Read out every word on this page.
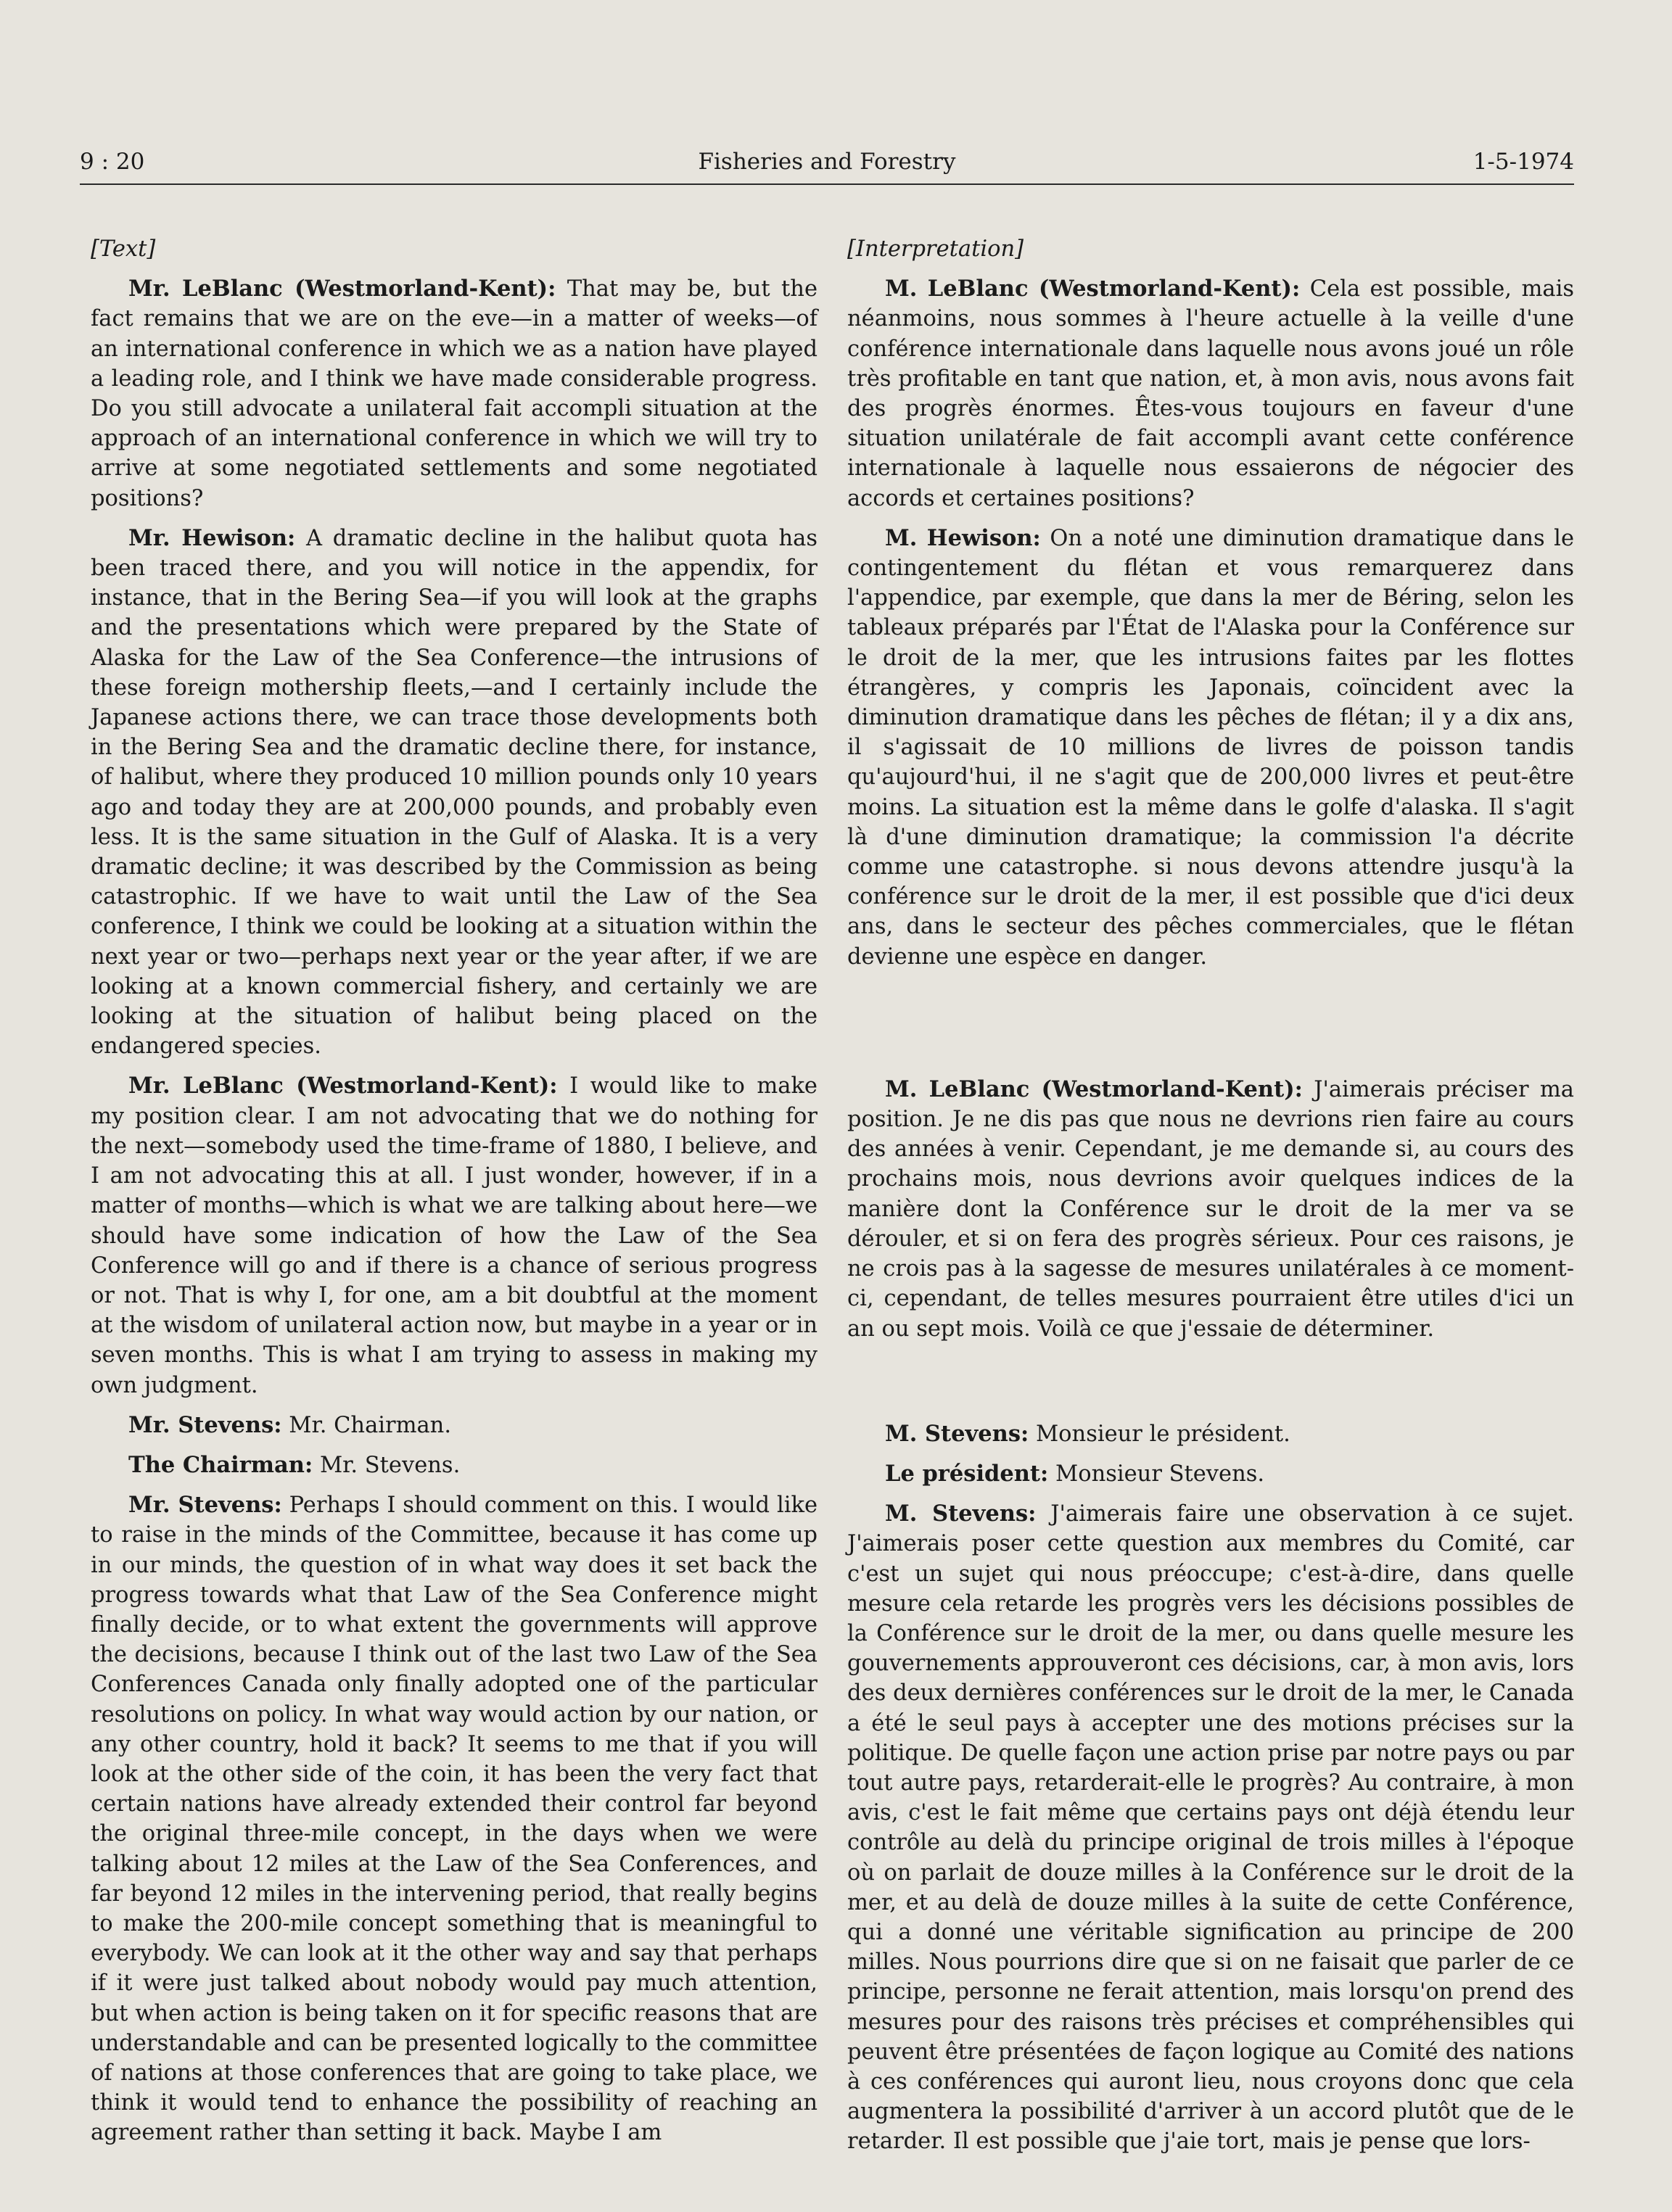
9 : 20	Fisheries and Forestry	1-5-1974

[Text]

Mr. LeBlanc (Westmorland-Kent): That may be, but the fact remains that we are on the eve—in a matter of weeks—of an international conference in which we as a nation have played a leading role, and I think we have made considerable progress. Do you still advocate a unilateral fait accompli situation at the approach of an international conference in which we will try to arrive at some negotiated settlements and some negotiated positions?

Mr. Hewison: A dramatic decline in the halibut quota has been traced there, and you will notice in the appendix, for instance, that in the Bering Sea—if you will look at the graphs and the presentations which were prepared by the State of Alaska for the Law of the Sea Conference—the intrusions of these foreign mothership fleets,—and I certainly include the Japanese actions there, we can trace those developments both in the Bering Sea and the dramatic decline there, for instance, of halibut, where they produced 10 million pounds only 10 years ago and today they are at 200,000 pounds, and probably even less. It is the same situation in the Gulf of Alaska. It is a very dramatic decline; it was described by the Commission as being catastrophic. If we have to wait until the Law of the Sea conference, I think we could be looking at a situation within the next year or two—perhaps next year or the year after, if we are looking at a known commercial fishery, and certainly we are looking at the situation of halibut being placed on the endangered species.

Mr. LeBlanc (Westmorland-Kent): I would like to make my position clear. I am not advocating that we do nothing for the next—somebody used the time-frame of 1880, I believe, and I am not advocating this at all. I just wonder, however, if in a matter of months—which is what we are talking about here—we should have some indication of how the Law of the Sea Conference will go and if there is a chance of serious progress or not. That is why I, for one, am a bit doubtful at the moment at the wisdom of unilateral action now, but maybe in a year or in seven months. This is what I am trying to assess in making my own judgment.

Mr. Stevens: Mr. Chairman.

The Chairman: Mr. Stevens.

Mr. Stevens: Perhaps I should comment on this. I would like to raise in the minds of the Committee, because it has come up in our minds, the question of in what way does it set back the progress towards what that Law of the Sea Conference might finally decide, or to what extent the governments will approve the decisions, because I think out of the last two Law of the Sea Conferences Canada only finally adopted one of the particular resolutions on policy. In what way would action by our nation, or any other country, hold it back? It seems to me that if you will look at the other side of the coin, it has been the very fact that certain nations have already extended their control far beyond the original three-mile concept, in the days when we were talking about 12 miles at the Law of the Sea Conferences, and far beyond 12 miles in the intervening period, that really begins to make the 200-mile concept something that is meaningful to everybody. We can look at it the other way and say that perhaps if it were just talked about nobody would pay much attention, but when action is being taken on it for specific reasons that are understandable and can be presented logically to the committee of nations at those conferences that are going to take place, we think it would tend to enhance the possibility of reaching an agreement rather than setting it back. Maybe I am

[Interpretation]

M. LeBlanc (Westmorland-Kent): Cela est possible, mais néanmoins, nous sommes à l'heure actuelle à la veille d'une conférence internationale dans laquelle nous avons joué un rôle très profitable en tant que nation, et, à mon avis, nous avons fait des progrès énormes. Êtes-vous toujours en faveur d'une situation unilatérale de fait accompli avant cette conférence internationale à laquelle nous essaierons de négocier des accords et certaines positions?

M. Hewison: On a noté une diminution dramatique dans le contingentement du flétan et vous remarquerez dans l'appendice, par exemple, que dans la mer de Béring, selon les tableaux préparés par l'État de l'Alaska pour la Conférence sur le droit de la mer, que les intrusions faites par les flottes étrangères, y compris les Japonais, coïncident avec la diminution dramatique dans les pêches de flétan; il y a dix ans, il s'agissait de 10 millions de livres de poisson tandis qu'aujourd'hui, il ne s'agit que de 200,000 livres et peut-être moins. La situation est la même dans le golfe d'alaska. Il s'agit là d'une diminution dramatique; la commission l'a décrite comme une catastrophe. si nous devons attendre jusqu'à la conférence sur le droit de la mer, il est possible que d'ici deux ans, dans le secteur des pêches commerciales, que le flétan devienne une espèce en danger.

M. LeBlanc (Westmorland-Kent): J'aimerais préciser ma position. Je ne dis pas que nous ne devrions rien faire au cours des années à venir. Cependant, je me demande si, au cours des prochains mois, nous devrions avoir quelques indices de la manière dont la Conférence sur le droit de la mer va se dérouler, et si on fera des progrès sérieux. Pour ces raisons, je ne crois pas à la sagesse de mesures unilatérales à ce moment-ci, cependant, de telles mesures pourraient être utiles d'ici un an ou sept mois. Voilà ce que j'essaie de déterminer.

M. Stevens: Monsieur le président.

Le président: Monsieur Stevens.

M. Stevens: J'aimerais faire une observation à ce sujet. J'aimerais poser cette question aux membres du Comité, car c'est un sujet qui nous préoccupe; c'est-à-dire, dans quelle mesure cela retarde les progrès vers les décisions possibles de la Conférence sur le droit de la mer, ou dans quelle mesure les gouvernements approuveront ces décisions, car, à mon avis, lors des deux dernières conférences sur le droit de la mer, le Canada a été le seul pays à accepter une des motions précises sur la politique. De quelle façon une action prise par notre pays ou par tout autre pays, retarderait-elle le progrès? Au contraire, à mon avis, c'est le fait même que certains pays ont déjà étendu leur contrôle au delà du principe original de trois milles à l'époque où on parlait de douze milles à la Conférence sur le droit de la mer, et au delà de douze milles à la suite de cette Conférence, qui a donné une véritable signification au principe de 200 milles. Nous pourrions dire que si on ne faisait que parler de ce principe, personne ne ferait attention, mais lorsqu'on prend des mesures pour des raisons très précises et compréhensibles qui peuvent être présentées de façon logique au Comité des nations à ces conférences qui auront lieu, nous croyons donc que cela augmentera la possibilité d'arriver à un accord plutôt que de le retarder. Il est possible que j'aie tort, mais je pense que lors-
